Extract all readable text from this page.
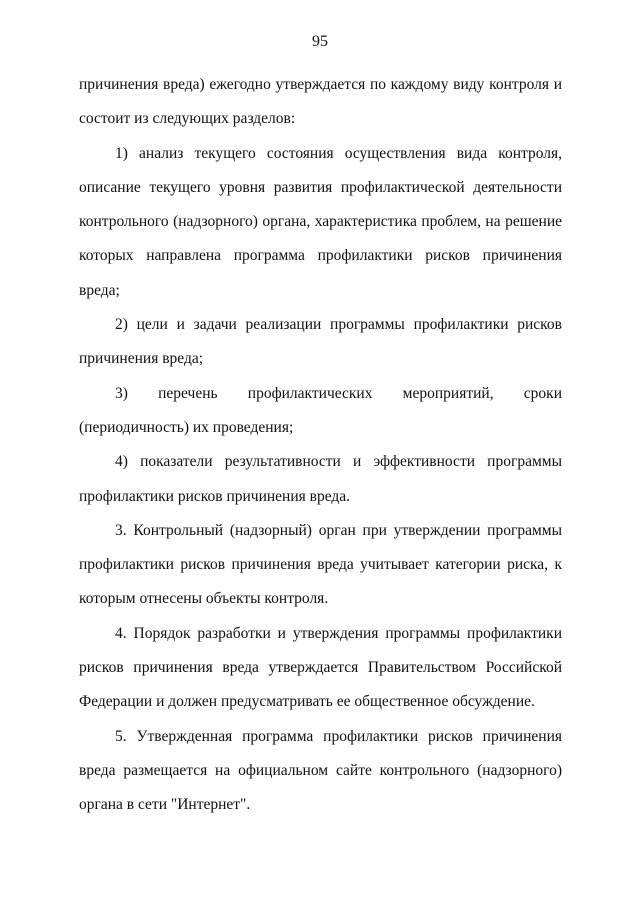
95

причинения вреда) ежегодно утверждается по каждому виду контроля и состоит из следующих разделов:

1) анализ текущего состояния осуществления вида контроля, описание текущего уровня развития профилактической деятельности контрольного (надзорного) органа, характеристика проблем, на решение которых направлена программа профилактики рисков причинения вреда;

2) цели и задачи реализации программы профилактики рисков причинения вреда;

3) перечень профилактических мероприятий, сроки (периодичность) их проведения;

4) показатели результативности и эффективности программы профилактики рисков причинения вреда.

3. Контрольный (надзорный) орган при утверждении программы профилактики рисков причинения вреда учитывает категории риска, к которым отнесены объекты контроля.

4. Порядок разработки и утверждения программы профилактики рисков причинения вреда утверждается Правительством Российской Федерации и должен предусматривать ее общественное обсуждение.

5. Утвержденная программа профилактики рисков причинения вреда размещается на официальном сайте контрольного (надзорного) органа в сети "Интернет".
